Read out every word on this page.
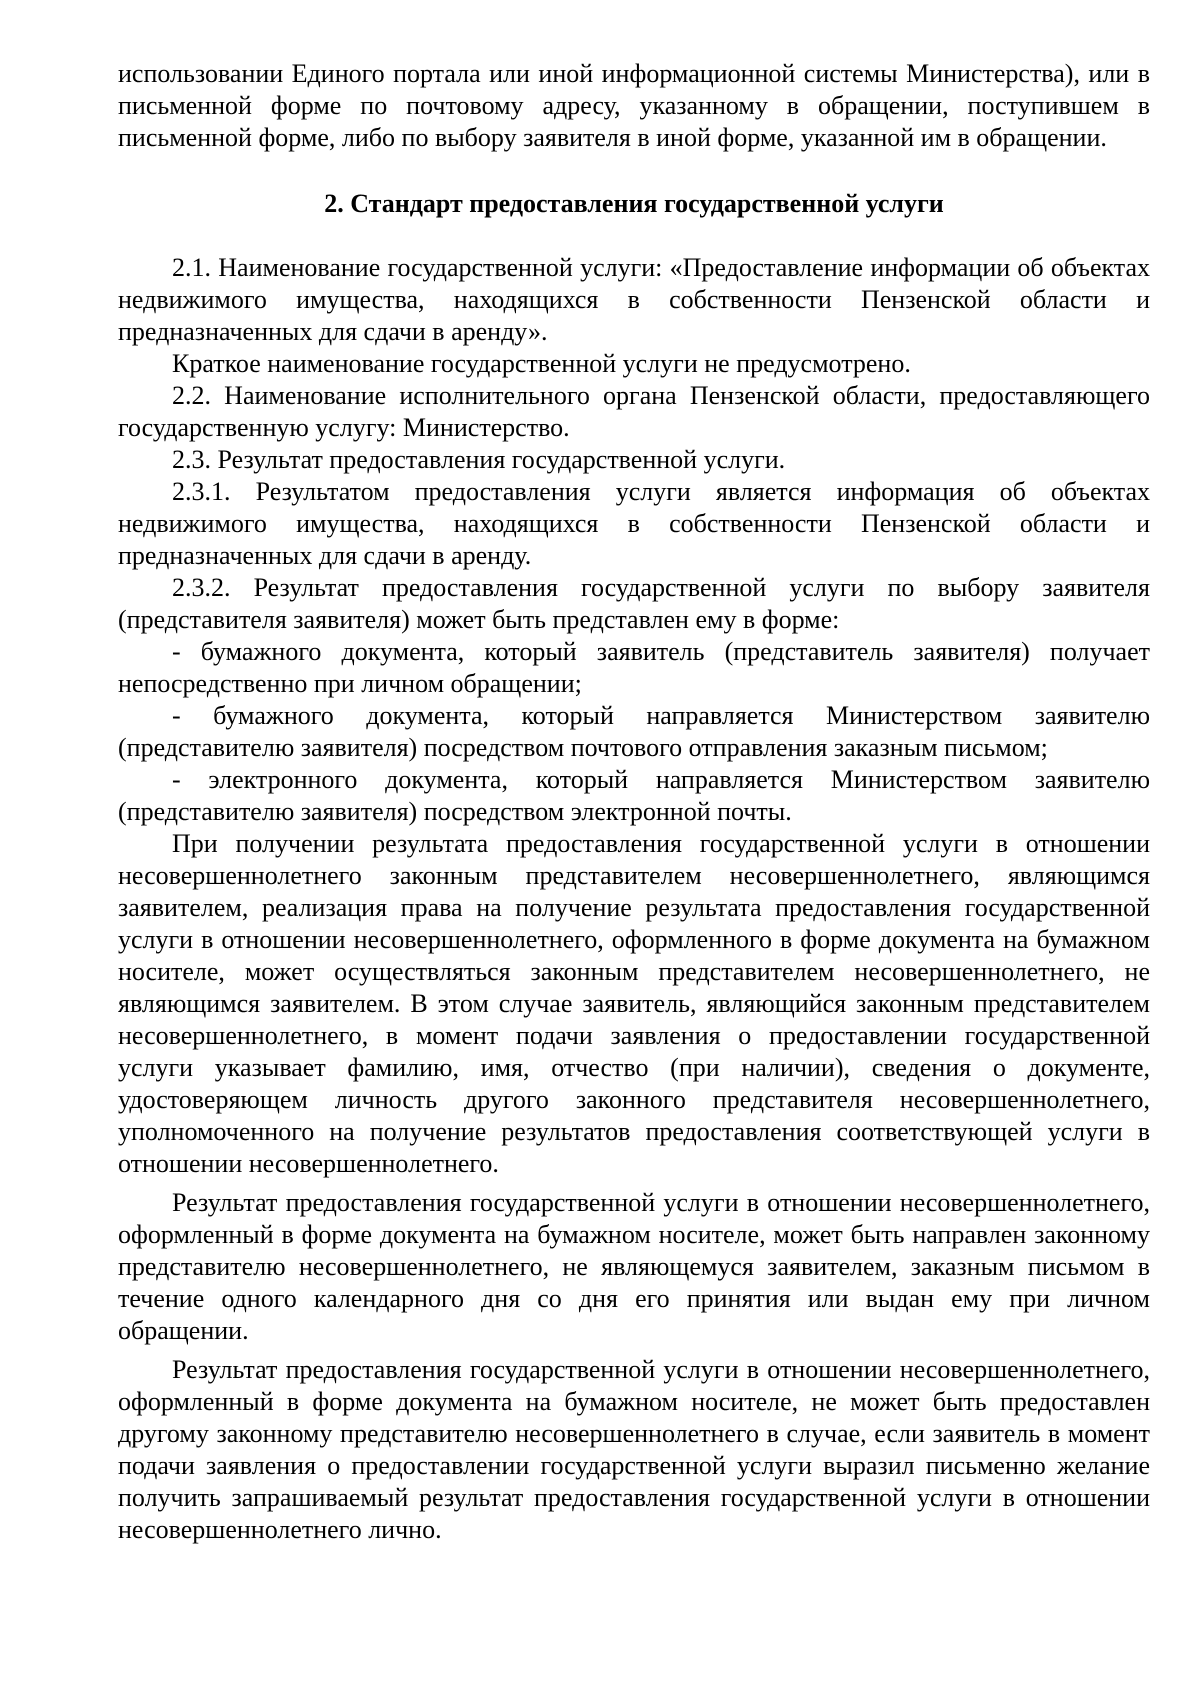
использовании Единого портала или иной информационной системы Министерства), или в письменной форме по почтовому адресу, указанному в обращении, поступившем в письменной форме, либо по выбору заявителя в иной форме, указанной им в обращении.

2. Стандарт предоставления государственной услуги

2.1. Наименование государственной услуги: «Предоставление информации об объектах недвижимого имущества, находящихся в собственности Пензенской области и предназначенных для сдачи в аренду».

Краткое наименование государственной услуги не предусмотрено.

2.2. Наименование исполнительного органа Пензенской области, предоставляющего государственную услугу: Министерство.

2.3. Результат предоставления государственной услуги.

2.3.1. Результатом предоставления услуги является информация об объектах недвижимого имущества, находящихся в собственности Пензенской области и предназначенных для сдачи в аренду.

2.3.2. Результат предоставления государственной услуги по выбору заявителя (представителя заявителя) может быть представлен ему в форме:

- бумажного документа, который заявитель (представитель заявителя) получает непосредственно при личном обращении;

- бумажного документа, который направляется Министерством заявителю (представителю заявителя) посредством почтового отправления заказным письмом;

- электронного документа, который направляется Министерством заявителю (представителю заявителя) посредством электронной почты.

При получении результата предоставления государственной услуги в отношении несовершеннолетнего законным представителем несовершеннолетнего, являющимся заявителем, реализация права на получение результата предоставления государственной услуги в отношении несовершеннолетнего, оформленного в форме документа на бумажном носителе, может осуществляться законным представителем несовершеннолетнего, не являющимся заявителем. В этом случае заявитель, являющийся законным представителем несовершеннолетнего, в момент подачи заявления о предоставлении государственной услуги указывает фамилию, имя, отчество (при наличии), сведения о документе, удостоверяющем личность другого законного представителя несовершеннолетнего, уполномоченного на получение результатов предоставления соответствующей услуги в отношении несовершеннолетнего.

Результат предоставления государственной услуги в отношении несовершеннолетнего, оформленный в форме документа на бумажном носителе, может быть направлен законному представителю несовершеннолетнего, не являющемуся заявителем, заказным письмом в течение одного календарного дня со дня его принятия или выдан ему при личном обращении.

Результат предоставления государственной услуги в отношении несовершеннолетнего, оформленный в форме документа на бумажном носителе, не может быть предоставлен другому законному представителю несовершеннолетнего в случае, если заявитель в момент подачи заявления о предоставлении государственной услуги выразил письменно желание получить запрашиваемый результат предоставления государственной услуги в отношении несовершеннолетнего лично.
